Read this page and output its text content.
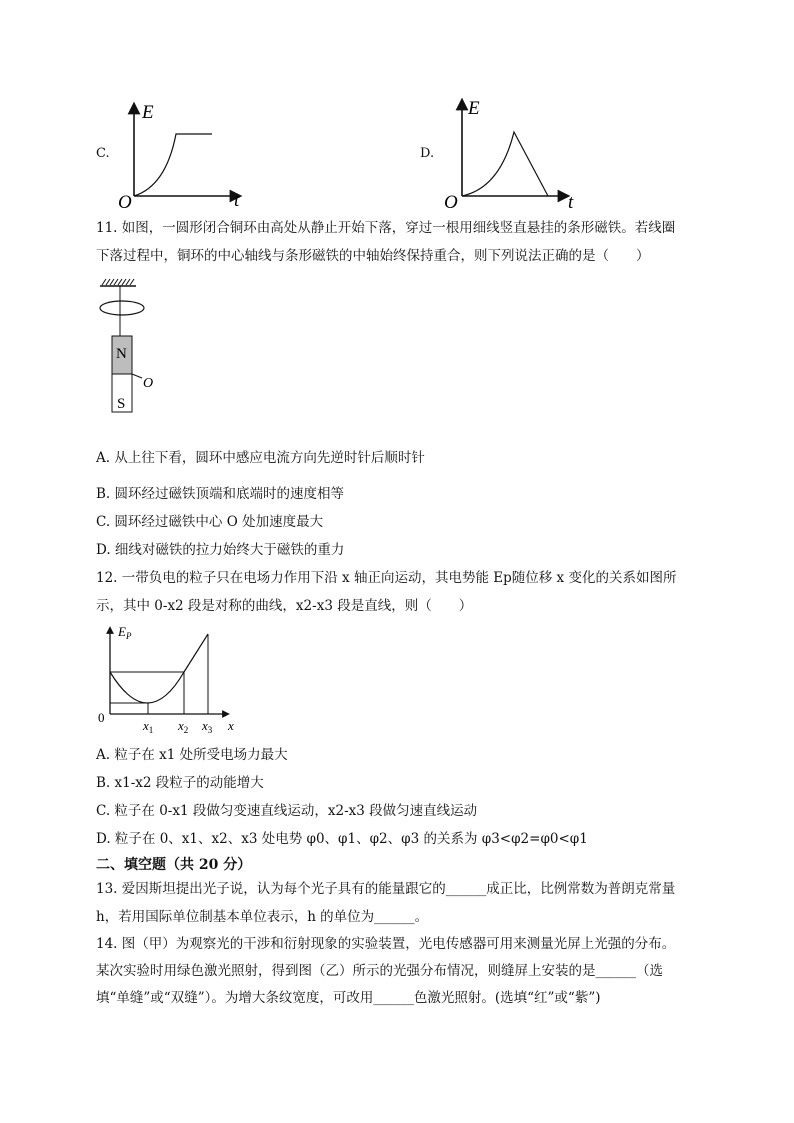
C.
E
t
O
D.
E
t
O
11. 如图，一圆形闭合铜环由高处从静止开始下落，穿过一根用细线竖直悬挂的条形磁铁。若线圈
下落过程中，铜环的中心轴线与条形磁铁的中轴始终保持重合，则下列说法正确的是（　　）
N
S
O
A. 从上往下看，圆环中感应电流方向先逆时针后顺时针
B. 圆环经过磁铁顶端和底端时的速度相等
C. 圆环经过磁铁中心 O 处加速度最大
D. 细线对磁铁的拉力始终大于磁铁的重力
12. 一带负电的粒子只在电场力作用下沿 x 轴正向运动，其电势能 Ep随位移 x 变化的关系如图所
示，其中 0-x2 段是对称的曲线，x2-x3 段是直线，则（　　）
$E_P$
0
$x_1$ $x_2$ $x_3$ x
A. 粒子在 x1 处所受电场力最大
B. x1-x2 段粒子的动能增大
C. 粒子在 0-x1 段做匀变速直线运动，x2-x3 段做匀速直线运动
D. 粒子在 0、x1、x2、x3 处电势 φ0、φ1、φ2、φ3 的关系为 φ3<φ2=φ0<φ1
二、填空题（共 20 分）
13. 爱因斯坦提出光子说，认为每个光子具有的能量跟它的______成正比，比例常数为普朗克常量
h，若用国际单位制基本单位表示，h 的单位为______。
14. 图（甲）为观察光的干涉和衍射现象的实验装置，光电传感器可用来测量光屏上光强的分布。
某次实验时用绿色激光照射，得到图（乙）所示的光强分布情况，则缝屏上安装的是______（选
填“单缝”或“双缝”）。为增大条纹宽度，可改用______色激光照射。(选填“红”或“紫”)
